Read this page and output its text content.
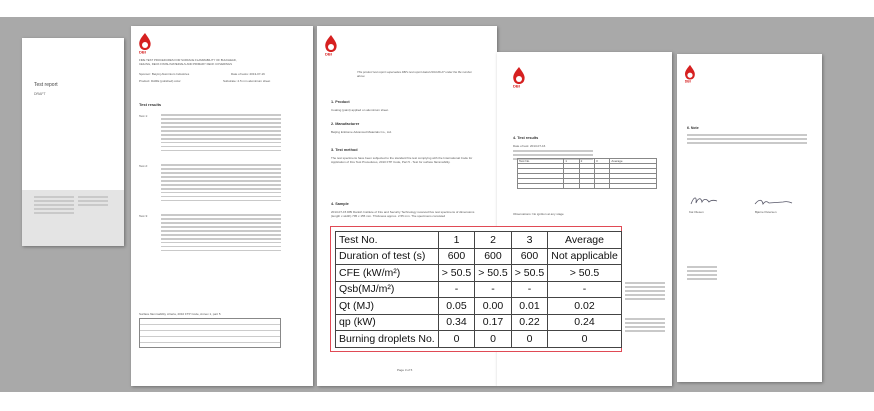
Test report
DRAFT
DBI
FIRE TEST PROCEDURES FOR SURFACE FLAMMABILITY OF BULKHEAD, CEILING, DECK FINISH MATERIALS AND PRIMARY DECK COVERINGS
Sponsor: Beiyinj Aluminium Industries	Date of tests: 2013-07-16
Product: DARE (polished) color	Substrate: 2.5 mm aluminium sheet
Test results
Test 1:
Test 2:
Test 3:
Surface flammability criteria, 2010 FTP Code, Annex 1, part 5
DBI
This product test report supersedes DBI's test report dated 2013-06-27 under the file number above
1. Product
Coating (paint) applied on aluminium sheet.
2. Manufacturer
Beijing Entitome Advanced Materials Co., Ltd.
3. Test method
The test specimens have been subjected to the standard fire test complying with the International Code for Application of Fire Test Procedures, 2010 FTP Code, Part 5 - Test for surface flammability.
4. Sample
2013-07-15 DBI Danish Institute of Fire and Security Technology received five test specimens of dimensions (length x width) 795 x 155 mm. Thickness approx. 2.55 mm. The specimens consisted
Page 3 of 5
DBI
4. Test results
Date of test: 2013-07-16
Test No.	1	2	3	Average

Observations: No ignition at any stage
DBI
6. Note
Kai Olesen	Bjarne Petersen
Test No.	1	2	3	Average
Duration of test (s)	600	600	600	Not applicable
CFE (kW/m²)	> 50.5	> 50.5	> 50.5	> 50.5
Qsb(MJ/m²)	-	-	-	-
Qt (MJ)	0.05	0.00	0.01	0.02
qp (kW)	0.34	0.17	0.22	0.24
Burning droplets No.	0	0	0	0
